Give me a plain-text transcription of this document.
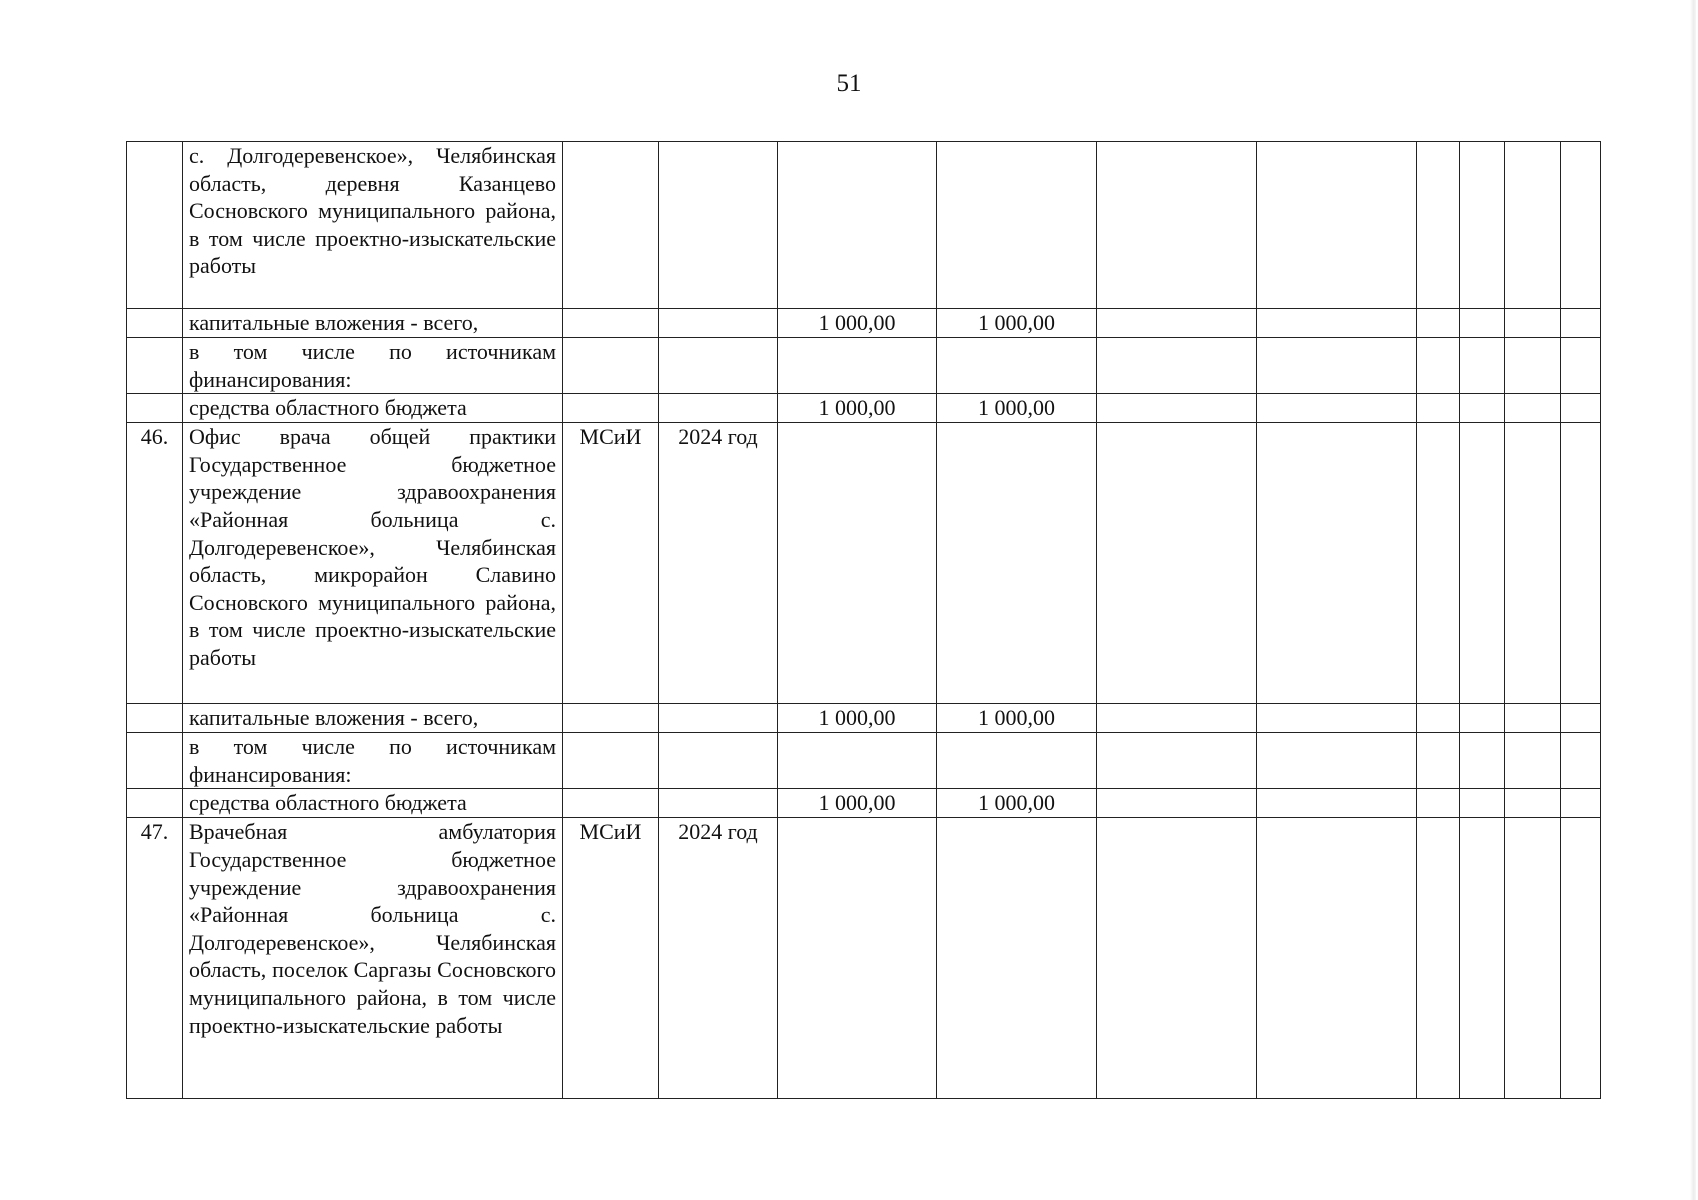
51

	с. Долгодеревенское», Челябинская область, деревня Казанцево Сосновского муниципального района, в том числе проектно-изыскательские работы										

	капитальные вложения - всего,			1 000,00	1 000,00						

	в том числе по источникам финансирования:										

	средства областного бюджета			1 000,00	1 000,00						

46.	Офис врача общей практики Государственное бюджетное учреждение здравоохранения «Районная больница с. Долгодеревенское», Челябинская область, микрорайон Славино Сосновского муниципального района, в том числе проектно-изыскательские работы	МСиИ	2024 год								

	капитальные вложения - всего,			1 000,00	1 000,00						

	в том числе по источникам финансирования:										

	средства областного бюджета			1 000,00	1 000,00						

47.	Врачебная амбулатория Государственное бюджетное учреждение здравоохранения «Районная больница с. Долгодеревенское», Челябинская область, поселок Саргазы Сосновского муниципального района, в том числе проектно-изыскательские работы	МСиИ	2024 год								
